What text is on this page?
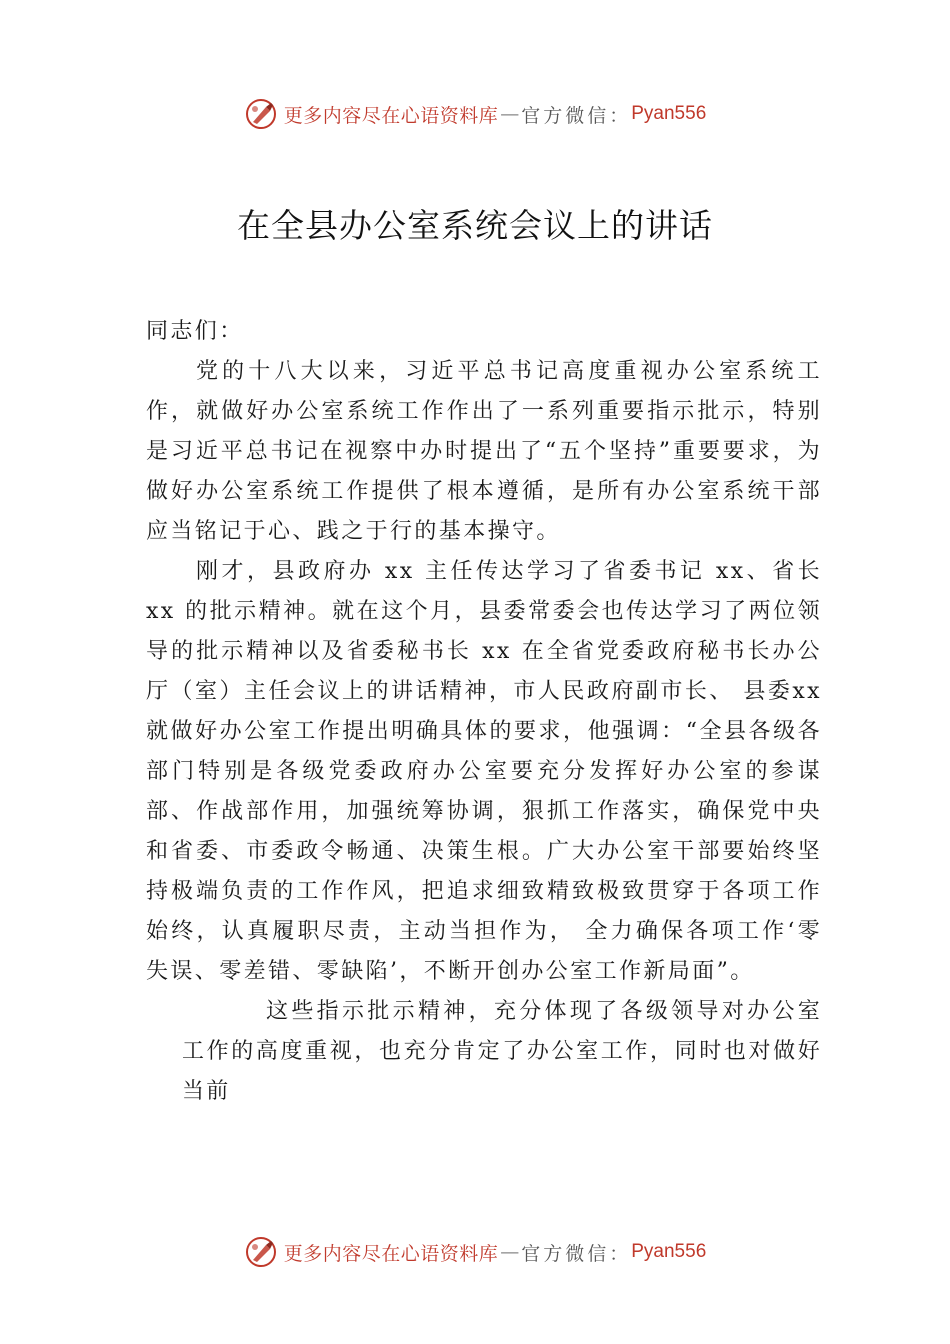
更多内容尽在心语资料库 — 官方微信： Pyan556
在全县办公室系统会议上的讲话

同志们：

党的十八大以来，习近平总书记高度重视办公室系统工作，就做好办公室系统工作作出了一系列重要指示批示，特别是习近平总书记在视察中办时提出了“五个坚持”重要要求，为做好办公室系统工作提供了根本遵循，是所有办公室系统干部应当铭记于心、践之于行的基本操守。

刚才，县政府办 xx 主任传达学习了省委书记 xx、省长xx 的批示精神。就在这个月，县委常委会也传达学习了两位领导的批示精神以及省委秘书长 xx 在全省党委政府秘书长办公厅（室）主任会议上的讲话精神，市人民政府副市长、 县委xx 就做好办公室工作提出明确具体的要求，他强调：“全县各级各部门特别是各级党委政府办公室要充分发挥好办公室的参谋部、作战部作用，加强统筹协调，狠抓工作落实，确保党中央和省委、市委政令畅通、决策生根。广大办公室干部要始终坚持极端负责的工作作风，把追求细致精致极致贯穿于各项工作始终，认真履职尽责，主动当担作为， 全力确保各项工作‘零失误、零差错、零缺陷’，不断开创办公室工作新局面”。

这些指示批示精神，充分体现了各级领导对办公室工作的高度重视，也充分肯定了办公室工作，同时也对做好当前

更多内容尽在心语资料库 — 官方微信： Pyan556
